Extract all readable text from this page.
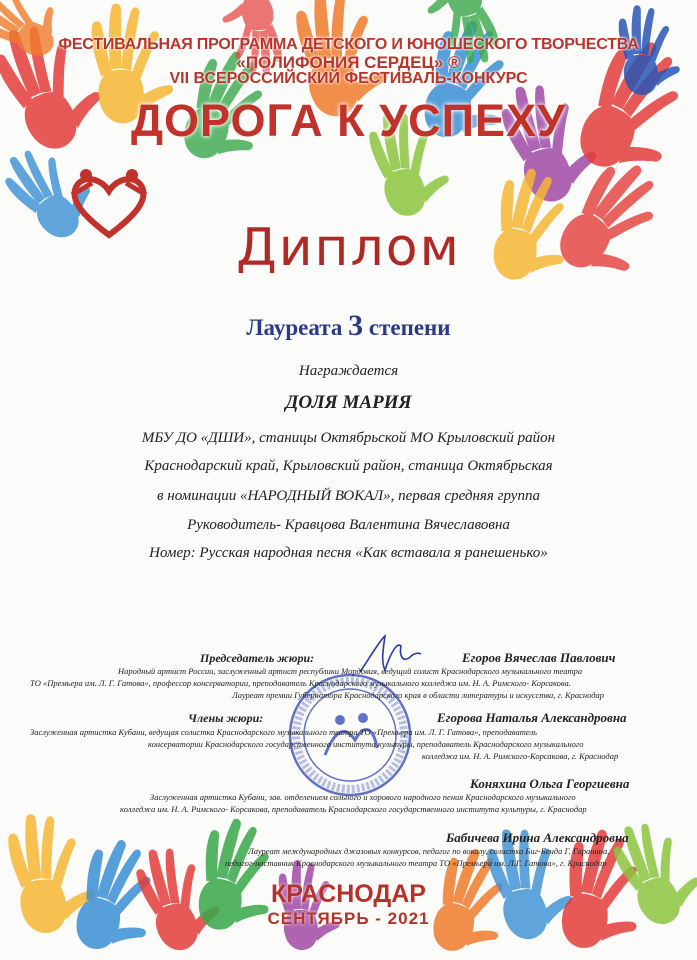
ФЕСТИВАЛЬНАЯ ПРОГРАММА ДЕТСКОГО И ЮНОШЕСКОГО ТВОРЧЕСТВА
«ПОЛИФОНИЯ СЕРДЕЦ» ®
VII ВСЕРОССИЙСКИЙ ФЕСТИВАЛЬ-КОНКУРС
ДОРОГА К УСПЕХУ
Диплом
Лауреата 3 степени
Награждается
ДОЛЯ МАРИЯ
МБУ ДО «ДШИ», станицы Октябрьской МО Крыловский район
Краснодарский край, Крыловский район, станица Октябрьская
в номинации «НАРОДНЫЙ ВОКАЛ», первая средняя группа
Руководитель- Кравцова Валентина Вячеславовна
Номер: Русская народная песня «Как вставала я ранешенько»
Председатель жюри:	Егоров Вячеслав Павлович
Народный артист России, заслуженный артист республики Мордовия, ведущий солист Краснодарского музыкального театра
ТО «Премьера им. Л. Г. Гатова», профессор консерватории, преподаватель Краснодарского музыкального колледжа им. Н. А. Римского- Корсакова.
Лауреат премии Губернатора Краснодарского края в области литературы и искусства, г. Краснодар
Члены жюри:	Егорова Наталья Александровна
Заслуженная артистка Кубани, ведущая солистка Краснодарского музыкального театра ТО «Премьера им. Л. Г. Гатова», преподаватель
консерватории Краснодарского государственного института культуры, преподаватель Краснодарского музыкального
колледжа им. Н. А. Римского-Корсакова, г. Краснодар
Коняхина Ольга Георгиевна
Заслуженная артистка Кубани, зав. отделением сольного и хорового народного пения Краснодарского музыкального
колледжа им. Н. А. Римского- Корсакова, преподаватель Краснодарского государственного института культуры, г. Краснодар
Бабичева Ирина Александровна
Лауреат международных джазовых конкурсов, педагог по вокалу, солистка Биг-Бенда Г. Гаранина,
педагог-наставник Краснодарского музыкального театра ТО «Премьера им. Л.Г. Гатова», г. Краснодар
КРАСНОДАР
СЕНТЯБРЬ - 2021
